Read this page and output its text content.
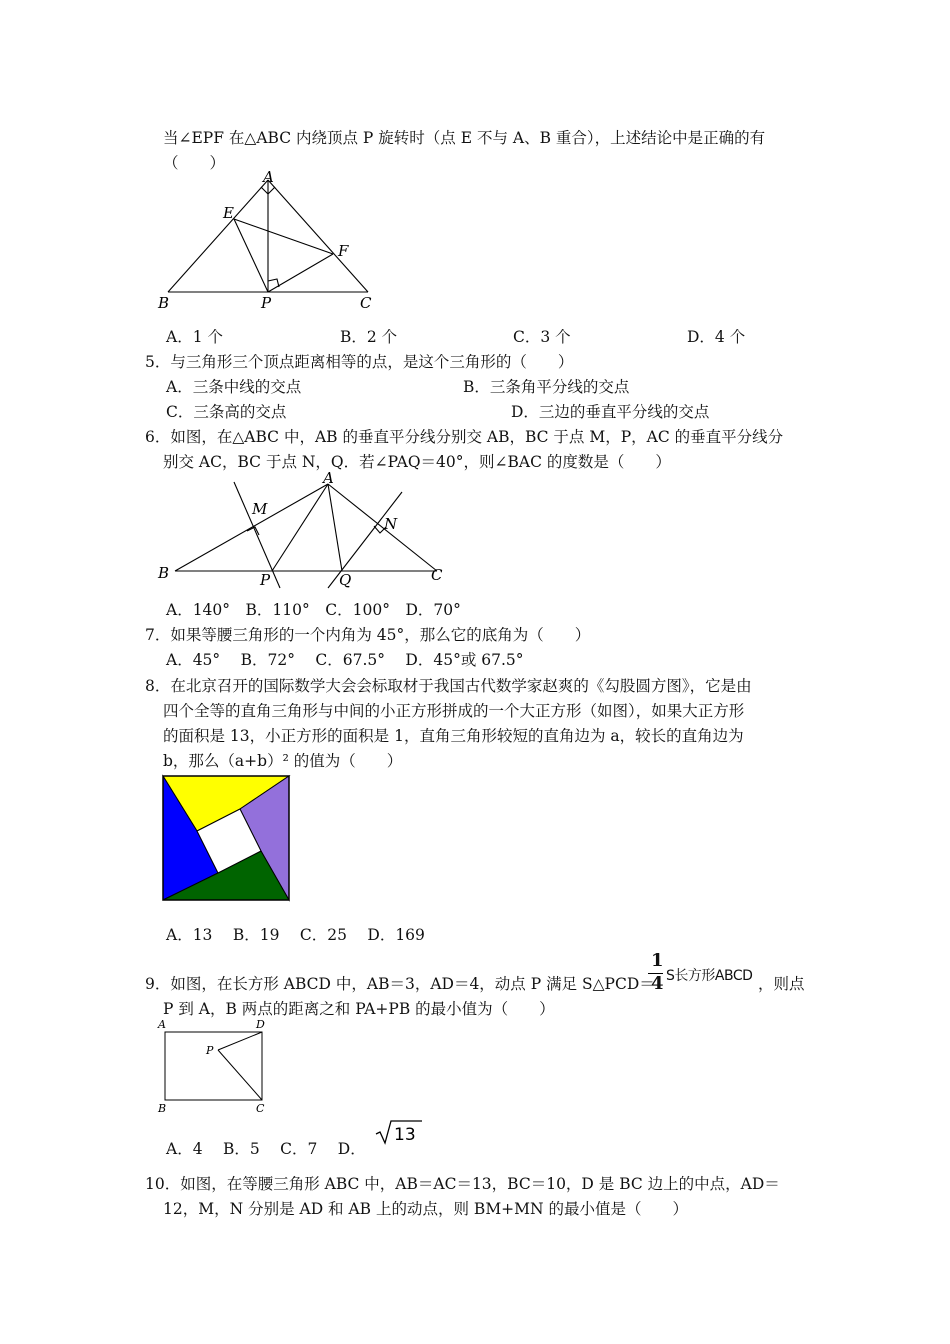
当∠EPF 在△ABC 内绕顶点 P 旋转时（点 E 不与 A、B 重合），上述结论中是正确的有
（　　）
A
B	C
E
F
P
A．1 个	B．2 个	C．3 个	D．4 个
5．与三角形三个顶点距离相等的点，是这个三角形的（　　）
A．三条中线的交点	B．三条角平分线的交点
C．三条高的交点	D．三边的垂直平分线的交点
6．如图，在△ABC 中，AB 的垂直平分线分别交 AB，BC 于点 M，P，AC 的垂直平分线分
别交 AC，BC 于点 N，Q．若∠PAQ＝40°，则∠BAC 的度数是（　　）
A
B	C
M
N
P	Q
A．140°　B．110°　C．100°　D．70°
7．如果等腰三角形的一个内角为 45°，那么它的底角为（　　）
A．45°　 B．72°　 C．67.5°　 D．45°或 67.5°
8．在北京召开的国际数学大会会标取材于我国古代数学家赵爽的《勾股圆方图》，它是由
四个全等的直角三角形与中间的小正方形拼成的一个大正方形（如图），如果大正方形
的面积是 13，小正方形的面积是 1，直角三角形较短的直角边为 a，较长的直角边为
b，那么（a+b）² 的值为（　　）
A．13　 B．19　 C．25　 D．169
9．如图，在长方形 ABCD 中，AB＝3，AD＝4，动点 P 满足 S△PCD＝
1
4 S长方形ABCD ，则点
P 到 A，B 两点的距离之和 PA+PB 的最小值为（　　）
A	D
B	C
P
A．4　 B．5　 C．7　 D．
13
10．如图，在等腰三角形 ABC 中，AB＝AC＝13，BC＝10，D 是 BC 边上的中点，AD＝
12，M，N 分别是 AD 和 AB 上的动点，则 BM+MN 的最小值是（　　）
